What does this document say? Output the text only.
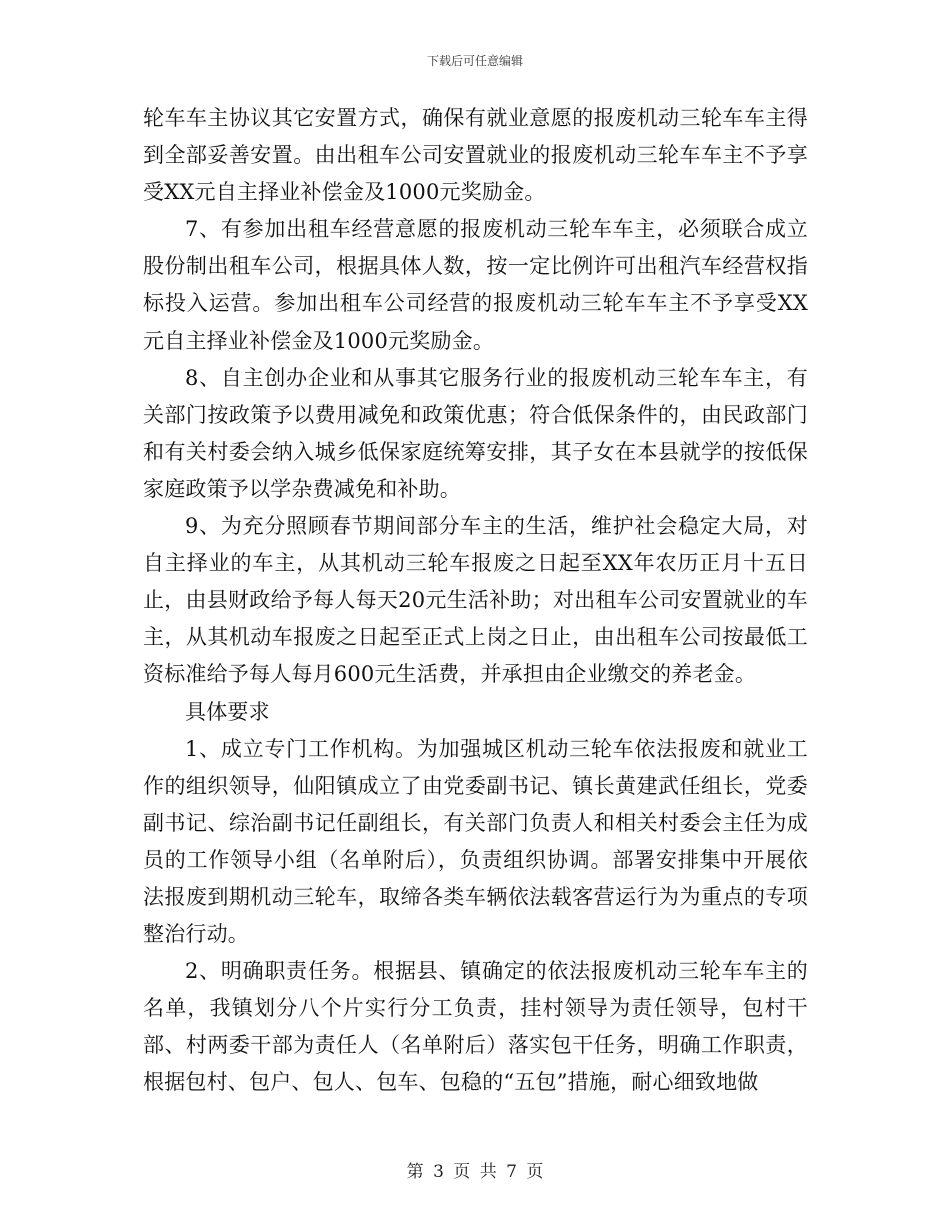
下载后可任意编辑

轮车车主协议其它安置方式，确保有就业意愿的报废机动三轮车车主得到全部妥善安置。由出租车公司安置就业的报废机动三轮车车主不予享受XX元自主择业补偿金及1000元奖励金。

7、有参加出租车经营意愿的报废机动三轮车车主，必须联合成立股份制出租车公司，根据具体人数，按一定比例许可出租汽车经营权指标投入运营。参加出租车公司经营的报废机动三轮车车主不予享受XX元自主择业补偿金及1000元奖励金。

8、自主创办企业和从事其它服务行业的报废机动三轮车车主，有关部门按政策予以费用减免和政策优惠；符合低保条件的，由民政部门和有关村委会纳入城乡低保家庭统筹安排，其子女在本县就学的按低保家庭政策予以学杂费减免和补助。

9、为充分照顾春节期间部分车主的生活，维护社会稳定大局，对自主择业的车主，从其机动三轮车报废之日起至XX年农历正月十五日止，由县财政给予每人每天20元生活补助；对出租车公司安置就业的车主，从其机动车报废之日起至正式上岗之日止，由出租车公司按最低工资标准给予每人每月600元生活费，并承担由企业缴交的养老金。

具体要求

1、成立专门工作机构。为加强城区机动三轮车依法报废和就业工作的组织领导，仙阳镇成立了由党委副书记、镇长黄建武任组长，党委副书记、综治副书记任副组长，有关部门负责人和相关村委会主任为成员的工作领导小组（名单附后），负责组织协调。部署安排集中开展依法报废到期机动三轮车，取缔各类车辆依法载客营运行为为重点的专项整治行动。

2、明确职责任务。根据县、镇确定的依法报废机动三轮车车主的名单，我镇划分八个片实行分工负责，挂村领导为责任领导，包村干部、村两委干部为责任人（名单附后）落实包干任务，明确工作职责，根据包村、包户、包人、包车、包稳的“五包”措施，耐心细致地做

第 3 页 共 7 页
